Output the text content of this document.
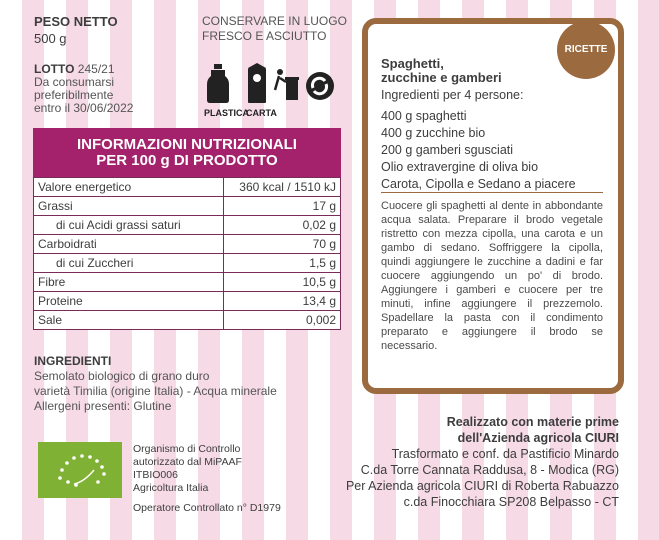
PESO NETTO
500 g
LOTTO 245/21
Da consumarsi
preferibilmente
entro il 30/06/2022
CONSERVARE IN LUOGO
FRESCO E ASCIUTTO
PLASTICA
CARTA
INFORMAZIONI NUTRIZIONALI
PER 100 g DI PRODOTTO
Valore energetico	360 kcal / 1510 kJ
Grassi	17 g
di cui Acidi grassi saturi	0,02 g
Carboidrati	70 g
di cui Zuccheri	1,5 g
Fibre	10,5 g
Proteine	13,4 g
Sale	0,002
INGREDIENTI
Semolato biologico di grano duro
varietà Timilia (origine Italia) - Acqua minerale
Allergeni presenti: Glutine
RICETTE
Spaghetti,
zucchine e gamberi
Ingredienti per 4 persone:
400 g spaghetti
400 g zucchine bio
200 g gamberi sgusciati
Olio extravergine di oliva bio
Carota, Cipolla e Sedano a piacere
Cuocere gli spaghetti al dente in abbondante acqua salata. Preparare il brodo vegetale ristretto con mezza cipolla, una carota e un gambo di sedano. Soffriggere la cipolla, quindi aggiungere le zucchine a dadini e far cuocere aggiungendo un po' di brodo. Aggiungere i gamberi e cuocere per tre minuti, infine aggiungere il prezzemolo. Spadellare la pasta con il condimento preparato e aggiungere il brodo se necessario.
Realizzato con materie prime
dell'Azienda agricola CIURI
Trasformato e conf. da Pastificio Minardo
C.da Torre Cannata Raddusa, 8 - Modica (RG)
Per Azienda agricola CIURI di Roberta Rabuazzo
c.da Finocchiara SP208 Belpasso - CT
Organismo di Controllo
autorizzato dal MiPAAF
ITBIO006
Agricoltura Italia
Operatore Controllato n° D1979
